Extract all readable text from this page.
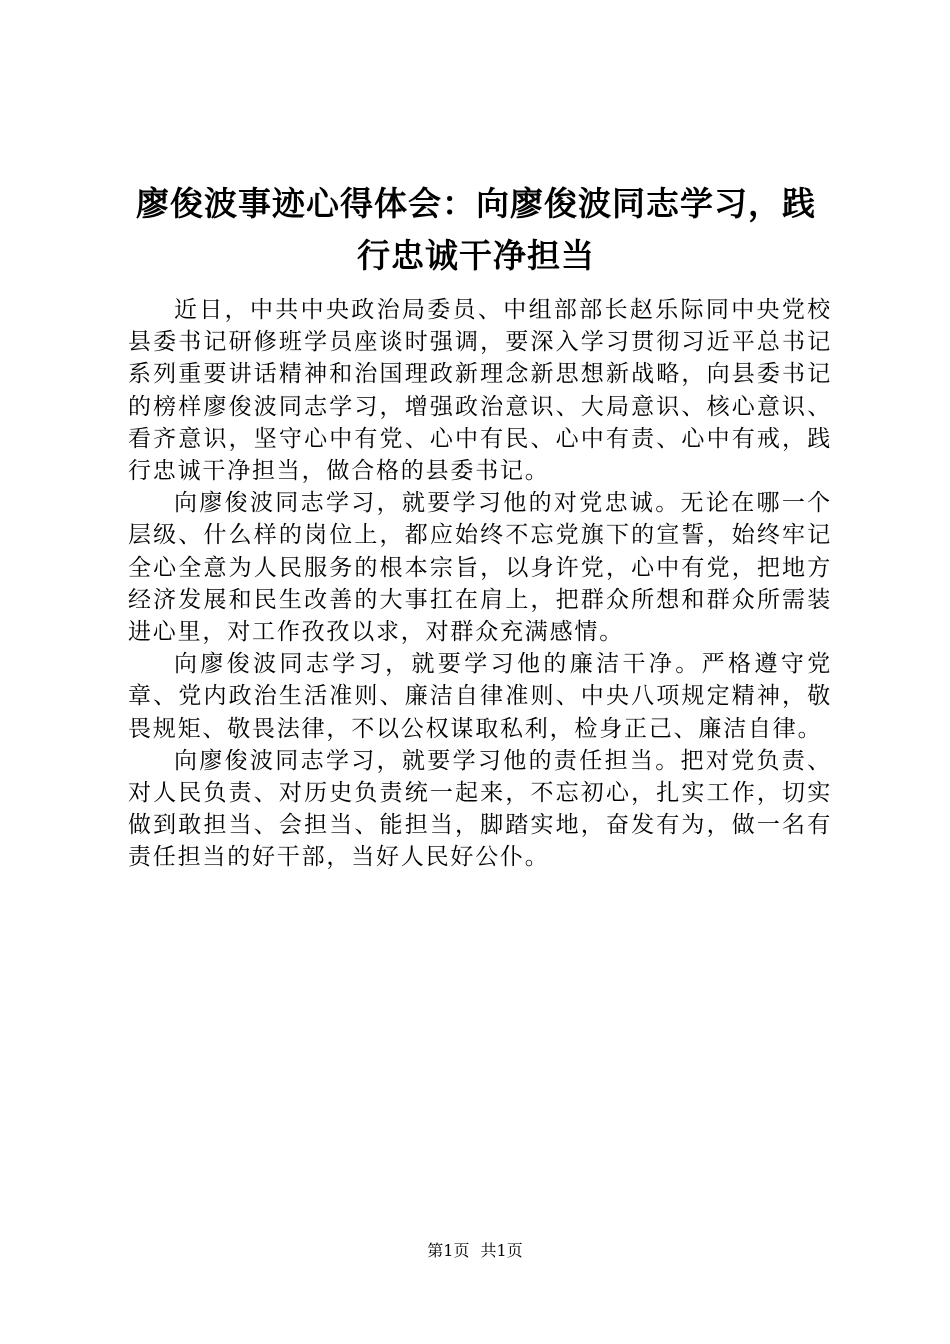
廖俊波事迹心得体会：向廖俊波同志学习，践行忠诚干净担当

近日，中共中央政治局委员、中组部部长赵乐际同中央党校县委书记研修班学员座谈时强调，要深入学习贯彻习近平总书记系列重要讲话精神和治国理政新理念新思想新战略，向县委书记的榜样廖俊波同志学习，增强政治意识、大局意识、核心意识、看齐意识，坚守心中有党、心中有民、心中有责、心中有戒，践行忠诚干净担当，做合格的县委书记。

向廖俊波同志学习，就要学习他的对党忠诚。无论在哪一个层级、什么样的岗位上，都应始终不忘党旗下的宣誓，始终牢记全心全意为人民服务的根本宗旨，以身许党，心中有党，把地方经济发展和民生改善的大事扛在肩上，把群众所想和群众所需装进心里，对工作孜孜以求，对群众充满感情。

向廖俊波同志学习，就要学习他的廉洁干净。严格遵守党章、党内政治生活准则、廉洁自律准则、中央八项规定精神，敬畏规矩、敬畏法律，不以公权谋取私利，检身正己、廉洁自律。

向廖俊波同志学习，就要学习他的责任担当。把对党负责、对人民负责、对历史负责统一起来，不忘初心，扎实工作，切实做到敢担当、会担当、能担当，脚踏实地，奋发有为，做一名有责任担当的好干部，当好人民好公仆。

第1页 共1页
